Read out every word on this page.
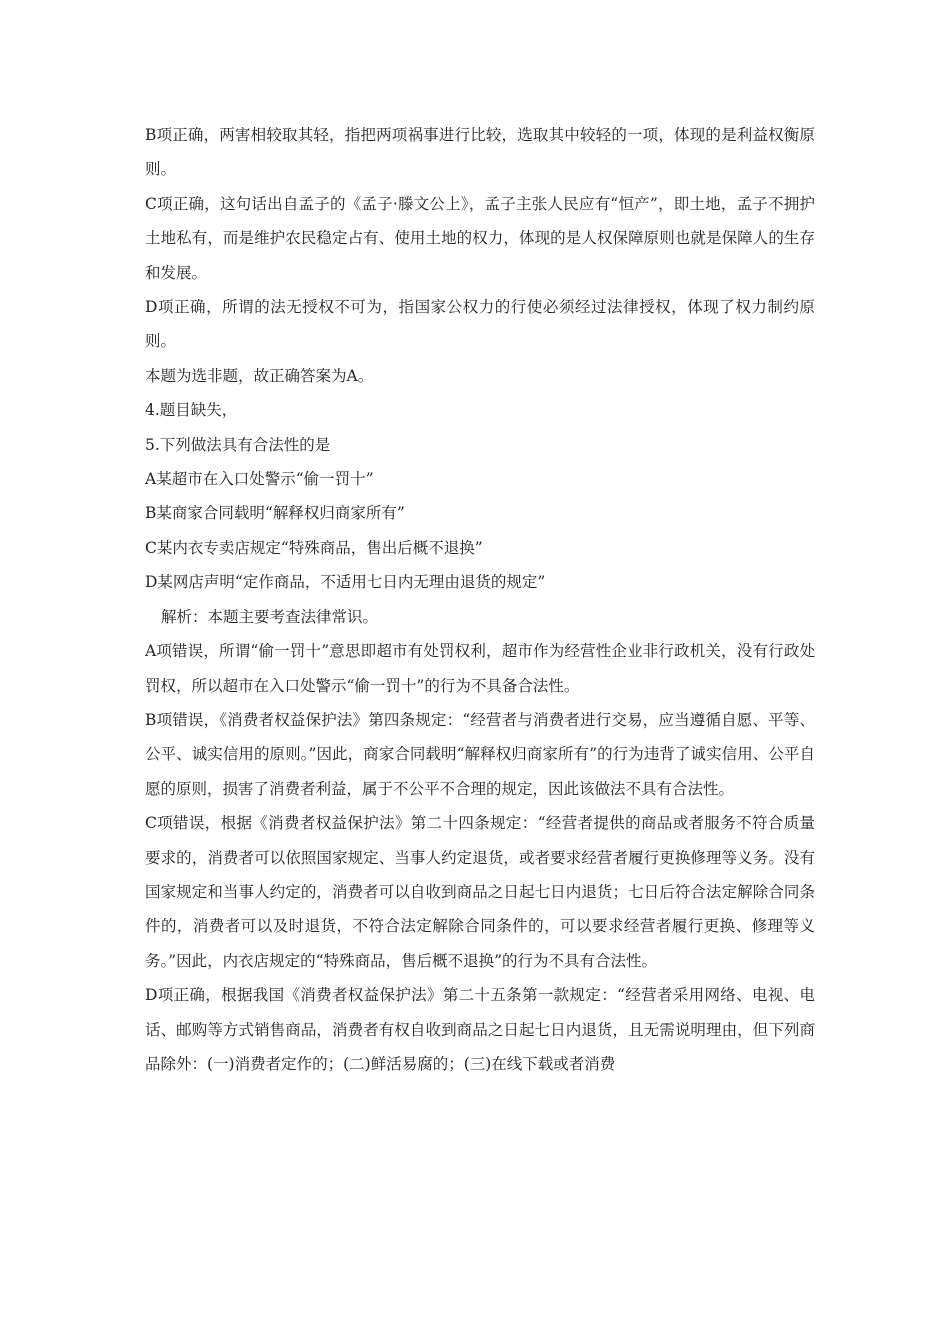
B项正确，两害相较取其轻，指把两项祸事进行比较，选取其中较轻的一项，体现的是利益权衡原则。

C项正确，这句话出自孟子的《孟子·滕文公上》，孟子主张人民应有“恒产”，即土地，孟子不拥护土地私有，而是维护农民稳定占有、使用土地的权力，体现的是人权保障原则也就是保障人的生存和发展。

D项正确，所谓的法无授权不可为，指国家公权力的行使必须经过法律授权，体现了权力制约原则。

本题为选非题，故正确答案为A。

4.题目缺失，

5.下列做法具有合法性的是

A某超市在入口处警示“偷一罚十”

B某商家合同载明“解释权归商家所有”

C某内衣专卖店规定“特殊商品，售出后概不退换”

D某网店声明“定作商品，不适用七日内无理由退货的规定”

解析：本题主要考查法律常识。

A项错误，所谓“偷一罚十”意思即超市有处罚权利，超市作为经营性企业非行政机关，没有行政处罚权，所以超市在入口处警示“偷一罚十”的行为不具备合法性。

B项错误，《消费者权益保护法》第四条规定：“经营者与消费者进行交易，应当遵循自愿、平等、公平、诚实信用的原则。”因此，商家合同载明“解释权归商家所有”的行为违背了诚实信用、公平自愿的原则，损害了消费者利益，属于不公平不合理的规定，因此该做法不具有合法性。

C项错误，根据《消费者权益保护法》第二十四条规定：“经营者提供的商品或者服务不符合质量要求的，消费者可以依照国家规定、当事人约定退货，或者要求经营者履行更换修理等义务。没有国家规定和当事人约定的，消费者可以自收到商品之日起七日内退货；七日后符合法定解除合同条件的，消费者可以及时退货，不符合法定解除合同条件的，可以要求经营者履行更换、修理等义务。”因此，内衣店规定的“特殊商品，售后概不退换”的行为不具有合法性。

D项正确，根据我国《消费者权益保护法》第二十五条第一款规定：“经营者采用网络、电视、电话、邮购等方式销售商品，消费者有权自收到商品之日起七日内退货，且无需说明理由，但下列商品除外：(一)消费者定作的；(二)鲜活易腐的；(三)在线下载或者消费
